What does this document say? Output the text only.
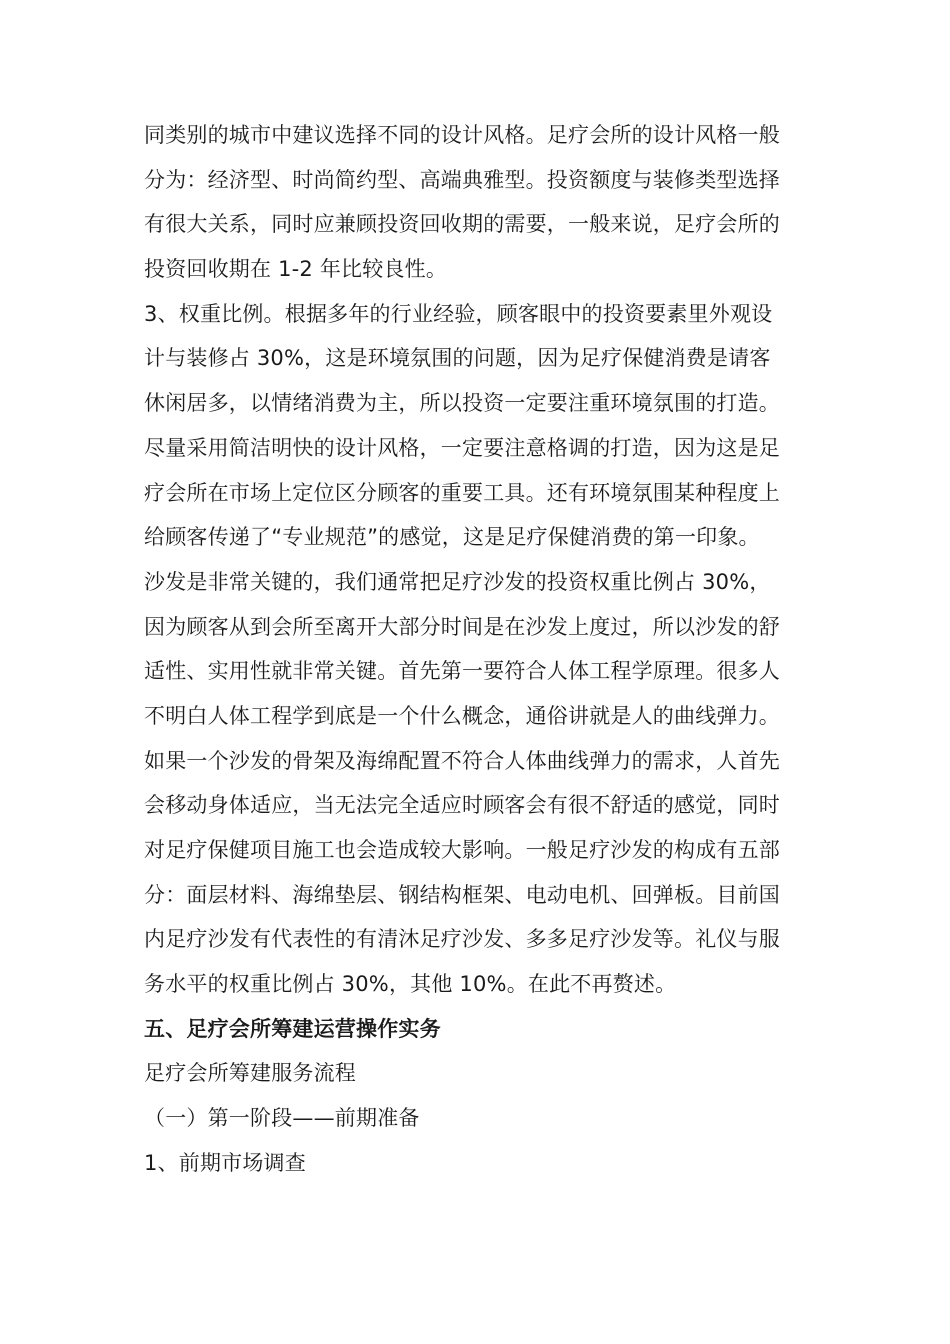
同类别的城市中建议选择不同的设计风格。足疗会所的设计风格一般
分为：经济型、时尚简约型、高端典雅型。投资额度与装修类型选择
有很大关系，同时应兼顾投资回收期的需要，一般来说，足疗会所的
投资回收期在 1-2 年比较良性。
3、权重比例。根据多年的行业经验，顾客眼中的投资要素里外观设
计与装修占 30%，这是环境氛围的问题，因为足疗保健消费是请客
休闲居多，以情绪消费为主，所以投资一定要注重环境氛围的打造。
尽量采用简洁明快的设计风格，一定要注意格调的打造，因为这是足
疗会所在市场上定位区分顾客的重要工具。还有环境氛围某种程度上
给顾客传递了“专业规范”的感觉，这是足疗保健消费的第一印象。
沙发是非常关键的，我们通常把足疗沙发的投资权重比例占 30%，
因为顾客从到会所至离开大部分时间是在沙发上度过，所以沙发的舒
适性、实用性就非常关键。首先第一要符合人体工程学原理。很多人
不明白人体工程学到底是一个什么概念，通俗讲就是人的曲线弹力。
如果一个沙发的骨架及海绵配置不符合人体曲线弹力的需求，人首先
会移动身体适应，当无法完全适应时顾客会有很不舒适的感觉，同时
对足疗保健项目施工也会造成较大影响。一般足疗沙发的构成有五部
分：面层材料、海绵垫层、钢结构框架、电动电机、回弹板。目前国
内足疗沙发有代表性的有清沐足疗沙发、多多足疗沙发等。礼仪与服
务水平的权重比例占 30%，其他 10%。在此不再赘述。
五、足疗会所筹建运营操作实务
足疗会所筹建服务流程
（一）第一阶段——前期准备
1、前期市场调查
